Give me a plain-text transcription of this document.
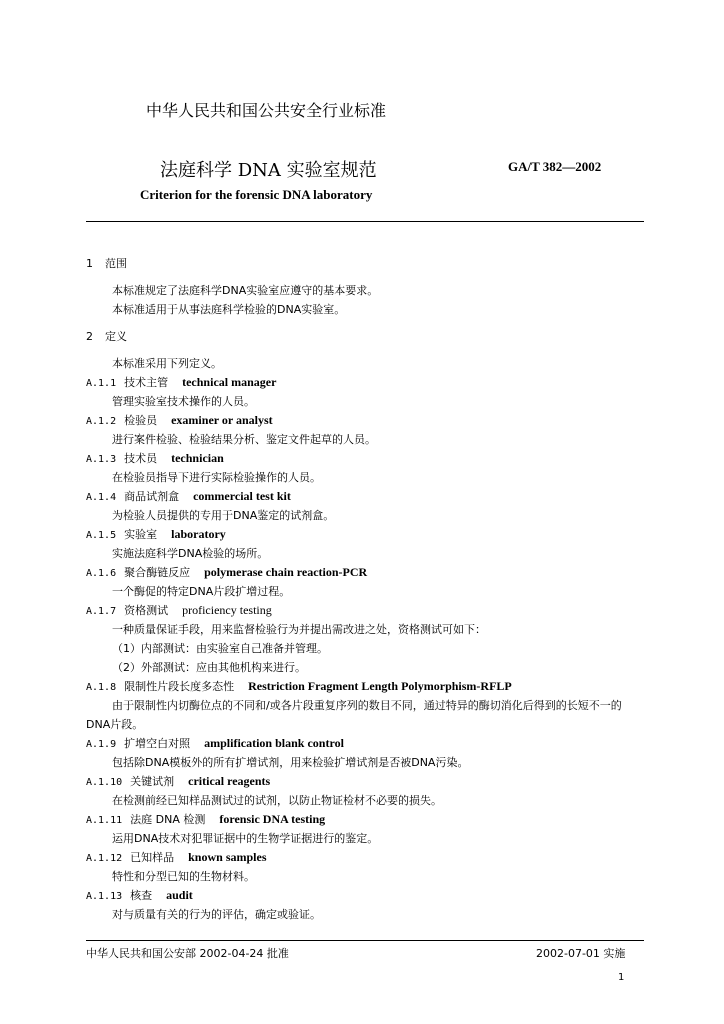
中华人民共和国公共安全行业标准
法庭科学 DNA 实验室规范	GA/T 382—2002
Criterion for the forensic DNA laboratory
1 范围
本标准规定了法庭科学DNA实验室应遵守的基本要求。
本标准适用于从事法庭科学检验的DNA实验室。
2 定义
本标准采用下列定义。
A.1.1 技术主管 technical manager
管理实验室技术操作的人员。
A.1.2 检验员 examiner or analyst
进行案件检验、检验结果分析、鉴定文件起草的人员。
A.1.3 技术员 technician
在检验员指导下进行实际检验操作的人员。
A.1.4 商品试剂盒 commercial test kit
为检验人员提供的专用于DNA鉴定的试剂盒。
A.1.5 实验室 laboratory
实施法庭科学DNA检验的场所。
A.1.6 聚合酶链反应 polymerase chain reaction-PCR
一个酶促的特定DNA片段扩增过程。
A.1.7 资格测试 proficiency testing
一种质量保证手段，用来监督检验行为并提出需改进之处，资格测试可如下：
（1）内部测试：由实验室自己准备并管理。
（2）外部测试：应由其他机构来进行。
A.1.8 限制性片段长度多态性 Restriction Fragment Length Polymorphism-RFLP
由于限制性内切酶位点的不同和/或各片段重复序列的数目不同，通过特异的酶切消化后得到的长短不一的DNA片段。
A.1.9 扩增空白对照 amplification blank control
包括除DNA模板外的所有扩增试剂，用来检验扩增试剂是否被DNA污染。
A.1.10 关键试剂 critical reagents
在检测前经已知样品测试过的试剂，以防止物证检材不必要的损失。
A.1.11 法庭 DNA 检测 forensic DNA testing
运用DNA技术对犯罪证据中的生物学证据进行的鉴定。
A.1.12 已知样品 known samples
特性和分型已知的生物材料。
A.1.13 核查 audit
对与质量有关的行为的评估，确定或验证。
中华人民共和国公安部 2002-04-24 批准	2002-07-01 实施
1
